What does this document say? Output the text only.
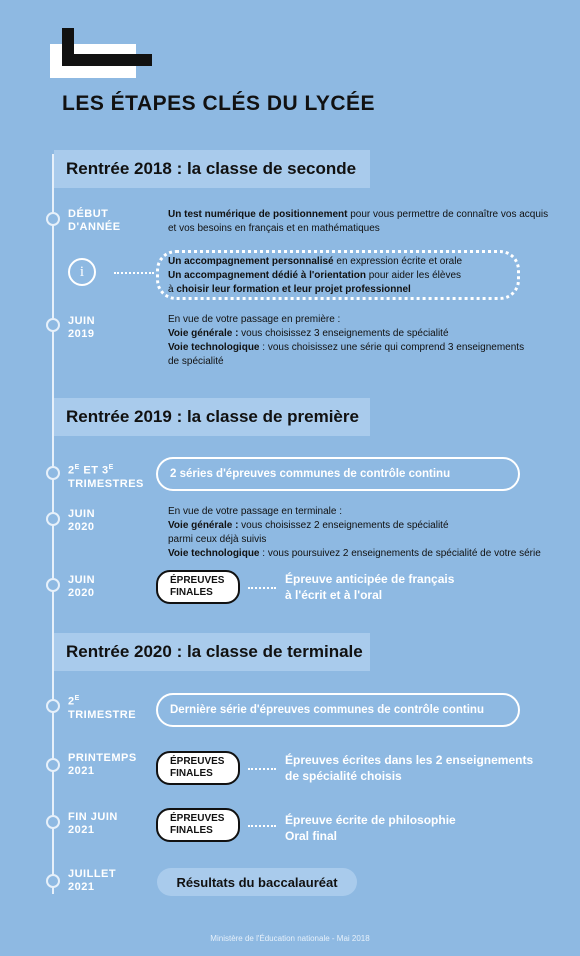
LES ÉTAPES CLÉS DU LYCÉE
Rentrée 2018 : la classe de seconde
DÉBUT
D'ANNÉE
Un test numérique de positionnement pour vous permettre de connaître vos acquis
et vos besoins en français et en mathématiques
i
Un accompagnement personnalisé en expression écrite et orale
Un accompagnement dédié à l'orientation pour aider les élèves
à choisir leur formation et leur projet professionnel
JUIN
2019
En vue de votre passage en première :
Voie générale : vous choisissez 3 enseignements de spécialité
Voie technologique : vous choisissez une série qui comprend 3 enseignements
de spécialité
Rentrée 2019 : la classe de première
$2^E$ ET $3^E$
TRIMESTRES
2 séries d'épreuves communes de contrôle continu
JUIN
2020
En vue de votre passage en terminale :
Voie générale : vous choisissez 2 enseignements de spécialité
parmi ceux déjà suivis
Voie technologique : vous poursuivez 2 enseignements de spécialité de votre série
JUIN
2020
ÉPREUVES
FINALES
Épreuve anticipée de français
à l'écrit et à l'oral
Rentrée 2020 : la classe de terminale
$2^E$
TRIMESTRE	Dernière série d'épreuves communes de contrôle continu
PRINTEMPS
2021
ÉPREUVES
FINALES
Épreuves écrites dans les 2 enseignements
de spécialité choisis
FIN JUIN
2021
ÉPREUVES
FINALES
Épreuve écrite de philosophie
Oral final
JUILLET
2021	Résultats du baccalauréat
Ministère de l'Éducation nationale - Mai 2018
